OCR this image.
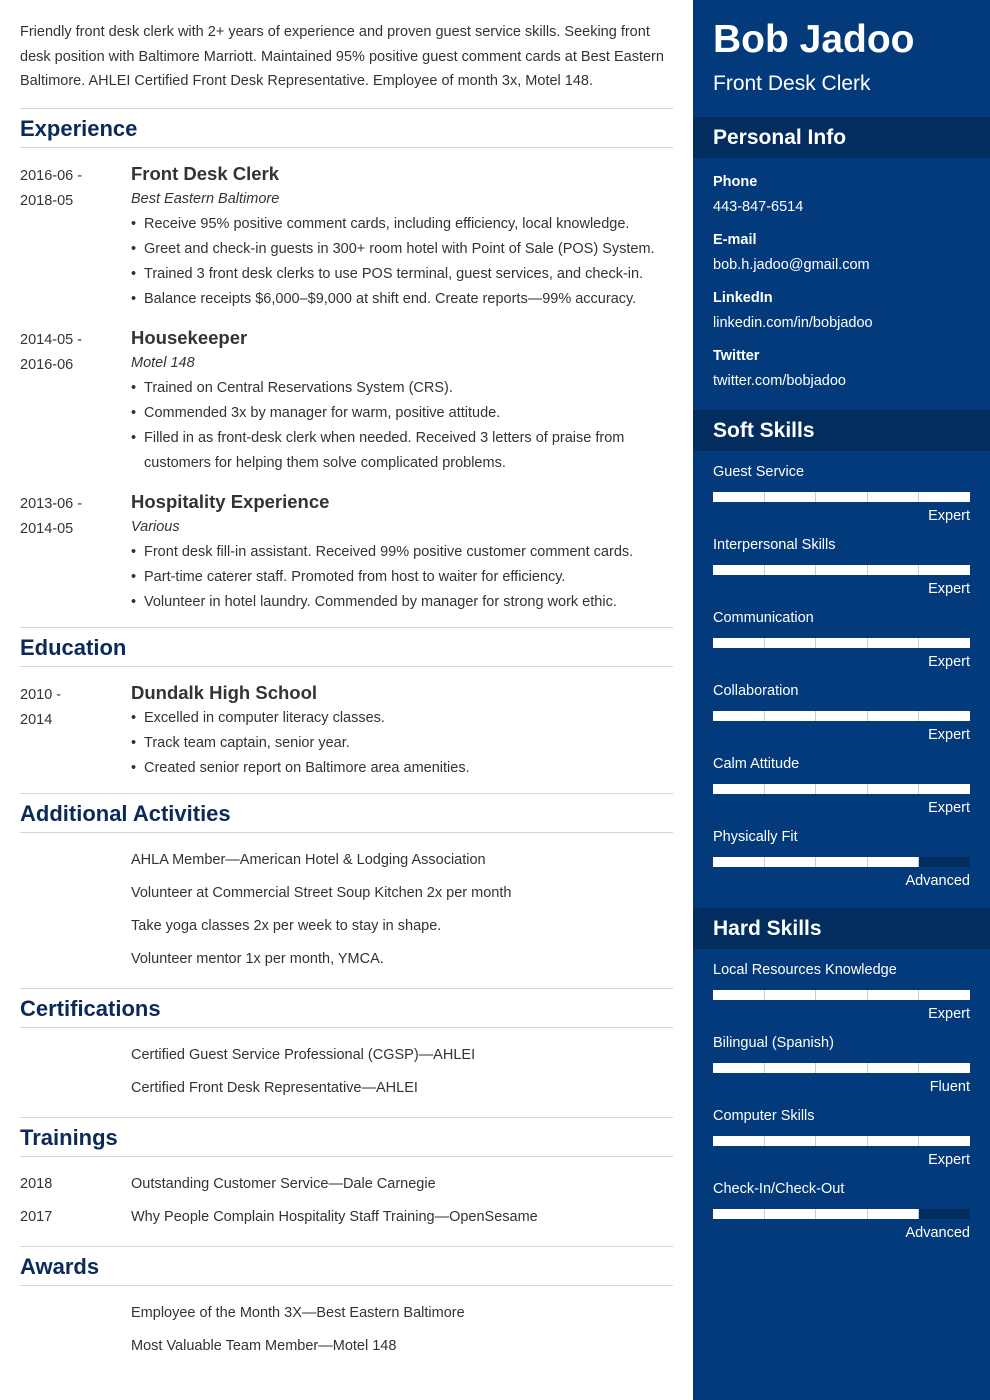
Friendly front desk clerk with 2+ years of experience and proven guest service skills. Seeking front desk position with Baltimore Marriott. Maintained 95% positive guest comment cards at Best Eastern Baltimore. AHLEI Certified Front Desk Representative. Employee of month 3x, Motel 148.

Experience
2016-06 -
2018-05
Front Desk Clerk
Best Eastern Baltimore
• Receive 95% positive comment cards, including efficiency, local knowledge.
• Greet and check-in guests in 300+ room hotel with Point of Sale (POS) System.
• Trained 3 front desk clerks to use POS terminal, guest services, and check-in.
• Balance receipts $6,000–$9,000 at shift end. Create reports—99% accuracy.
2014-05 -
2016-06
Housekeeper
Motel 148
• Trained on Central Reservations System (CRS).
• Commended 3x by manager for warm, positive attitude.
• Filled in as front-desk clerk when needed. Received 3 letters of praise from customers for helping them solve complicated problems.
2013-06 -
2014-05
Hospitality Experience
Various
• Front desk fill-in assistant. Received 99% positive customer comment cards.
• Part-time caterer staff. Promoted from host to waiter for efficiency.
• Volunteer in hotel laundry. Commended by manager for strong work ethic.
Education
2010 -
2014
Dundalk High School
• Excelled in computer literacy classes.
• Track team captain, senior year.
• Created senior report on Baltimore area amenities.
Additional Activities
AHLA Member—American Hotel & Lodging Association
Volunteer at Commercial Street Soup Kitchen 2x per month
Take yoga classes 2x per week to stay in shape.
Volunteer mentor 1x per month, YMCA.
Certifications
Certified Guest Service Professional (CGSP)—AHLEI
Certified Front Desk Representative—AHLEI
Trainings
2018	Outstanding Customer Service—Dale Carnegie
2017	Why People Complain Hospitality Staff Training—OpenSesame
Awards
Employee of the Month 3X—Best Eastern Baltimore
Most Valuable Team Member—Motel 148
Bob Jadoo
Front Desk Clerk
Personal Info
Phone
443-847-6514
E-mail
bob.h.jadoo@gmail.com
LinkedIn
linkedin.com/in/bobjadoo
Twitter
twitter.com/bobjadoo
Soft Skills
Guest Service
Expert
Interpersonal Skills
Expert
Communication
Expert
Collaboration
Expert
Calm Attitude
Expert
Physically Fit
Advanced
Hard Skills
Local Resources Knowledge
Expert
Bilingual (Spanish)
Fluent
Computer Skills
Expert
Check-In/Check-Out
Advanced
